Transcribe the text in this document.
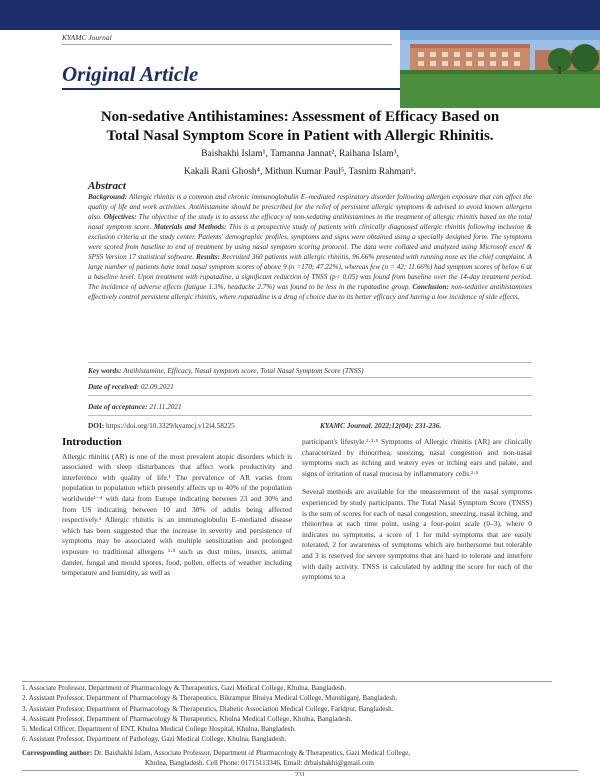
KYAMC Journal
Original Article
Non-sedative Antihistamines: Assessment of Efficacy Based on
Total Nasal Symptom Score in Patient with Allergic Rhinitis.
Baishakhi Islam¹, Tamanna Jannat², Raihana Islam³,
Kakali Rani Ghosh⁴, Mithun Kumar Paul⁵, Tasnim Rahman⁶.
Abstract
Background: Allergic rhinitis is a common and chronic immunoglobulin E–mediated respiratory disorder following allergen exposure that can affect the quality of life and work activities. Antihistamine should be prescribed for the relief of persistent allergic symptoms & advised to avoid known allergens also. Objectives: The objective of the study is to assess the efficacy of non-sedating antihistamines in the treatment of allergic rhinitis based on the total nasal symptom score. Materials and Methods: This is a prospective study of patients with clinically diagnosed allergic rhinitis following inclusion & exclusion criteria at the study center. Patients' demographic profiles, symptoms and signs were obtained using a specially designed form. The symptoms were scored from baseline to end of treatment by using nasal symptom scoring protocol. The data were collated and analyzed using Microsoft excel & SPSS Version 17 statistical software. Results: Recruited 360 patients with allergic rhinitis, 96.66% presented with running nose as the chief complaint. A large number of patients have total nasal symptom scores of above 9 (n =170; 47.22%), whereas few (n = 42; 11.66%) had symptom scores of below 6 at a baseline level. Upon treatment with rupatadine, a significant reduction of TNSS (p< 0.05) was found from baseline over the 14-day treatment period. The incidence of adverse effects (fatigue 1.3%, headache 2.7%) was found to be less in the rupatadine group. Conclusion: non-sedative antihistamines effectively control persistent allergic rhinitis, where rupatadine is a drug of choice due to its better efficacy and having a low incidence of side effects.
Key words: Antihistamine, Efficacy, Nasal symptom score, Total Nasal Symptom Score (TNSS)
Date of received: 02.09.2021
Date of acceptance: 21.11.2021
DOI: https://doi.org/10.3329/kyamcj.v12i4.58225	KYAMC Journal. 2022;12(04): 231-236.
Introduction

Allergic rhinitis (AR) is one of the most prevalent atopic disorders which is associated with sleep disturbances that affect work productivity and interference with quality of life.¹ The prevalence of AR varies from population to population which presently affects up to 40% of the population worldwide¹⁻⁴ with data from Europe indicating between 23 and 30% and from US indicating between 10 and 30% of adults being affected respectively.² Allergic rhinitis is an immunoglobulin E–mediated disease which has been suggested that the increase in severity and persistence of symptoms may be associated with multiple sensitization and prolonged exposure to traditional allergens ²·³ such as dust mites, insects, animal dander, fungal and mould spores, food, pollen, effects of weather including temperature and humidity, as well as

participant's lifestyle.²·³·⁵ Symptoms of Allergic rhinitis (AR) are clinically characterized by rhinorrhea, sneezing, nasal congestion and non-nasal symptoms such as itching and watery eyes or itching ears and palate, and signs of irritation of nasal mucosa by inflammatory cells.²·⁵

Several methods are available for the measurement of the nasal symptoms experienced by study participants. The Total Nasal Symptom Score (TNSS) is the sum of scores for each of nasal congestion, sneezing, nasal itching, and rhinorrhea at each time point, using a four-point scale (0–3), where 0 indicates no symptoms, a score of 1 for mild symptoms that are easily tolerated, 2 for awareness of symptoms which are bothersome but tolerable and 3 is reserved for severe symptoms that are hard to tolerate and interfere with daily activity. TNSS is calculated by adding the score for each of the symptoms to a

1. Associate Professor, Department of Pharmacology & Therapeutics, Gazi Medical College, Khulna, Bangladesh.
2. Assistant Professor, Department of Pharmacology & Therapeutics, Bikrampur Bhuiya Medical College, Munshiganj, Bangladesh.
3. Assistant Professor, Department of Pharmacology & Therapeutics, Diabetic Association Medical College, Faridpur, Bangladesh.
4. Assistant Professor, Department of Pharmacology & Therapeutics, Khulna Medical College, Khulna, Bangladesh.
5. Medical Officer, Department of ENT, Khulna Medical College Hospital, Khulna, Bangladesh.
6. Assistant Professor, Department of Pathology, Gazi Medical College, Khulna, Bangladesh.
Corresponding author: Dr. Baishakhi Islam, Associate Professor, Department of Pharmacology & Therapeutics, Gazi Medical College,
Khulna, Bangladesh. Cell Phone: 01715113346, Email: drbaishakhi@gmail.com
231
